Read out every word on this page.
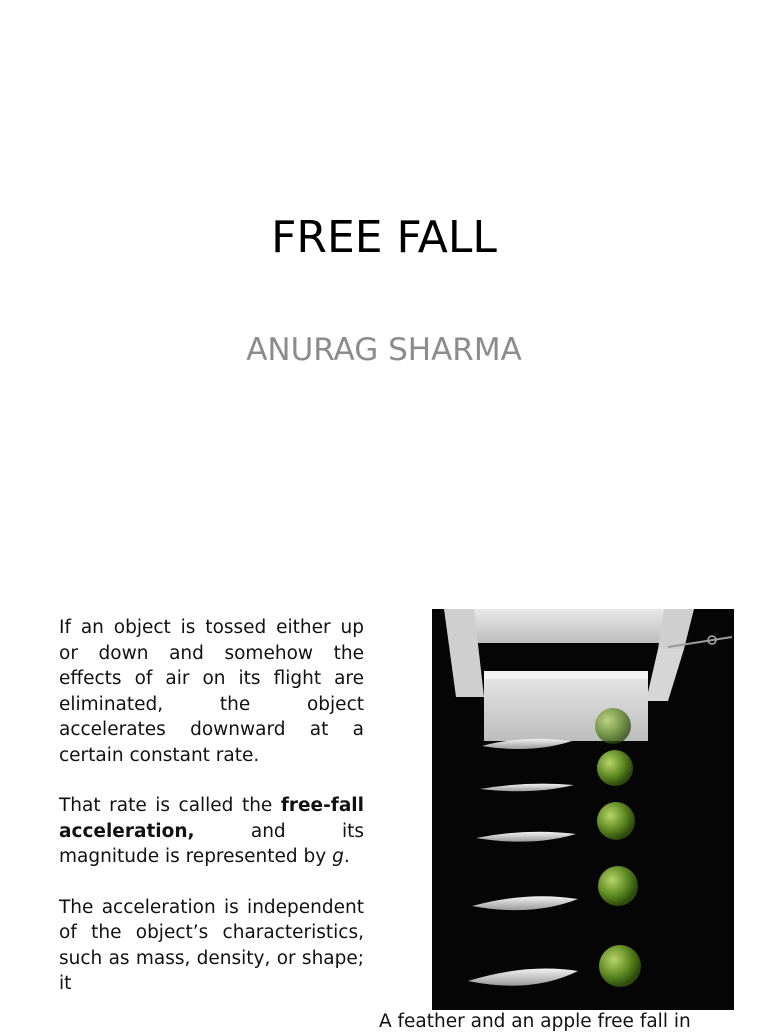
FREE FALL
ANURAG SHARMA

If an object is tossed either up or down and somehow the effects of air on its flight are eliminated, the object accelerates downward at a certain constant rate.

That rate is called the free-fall acceleration, and its magnitude is represented by g.

The acceleration is independent of the object’s characteristics, such as mass, density, or shape; it

A feather and an apple free fall in
